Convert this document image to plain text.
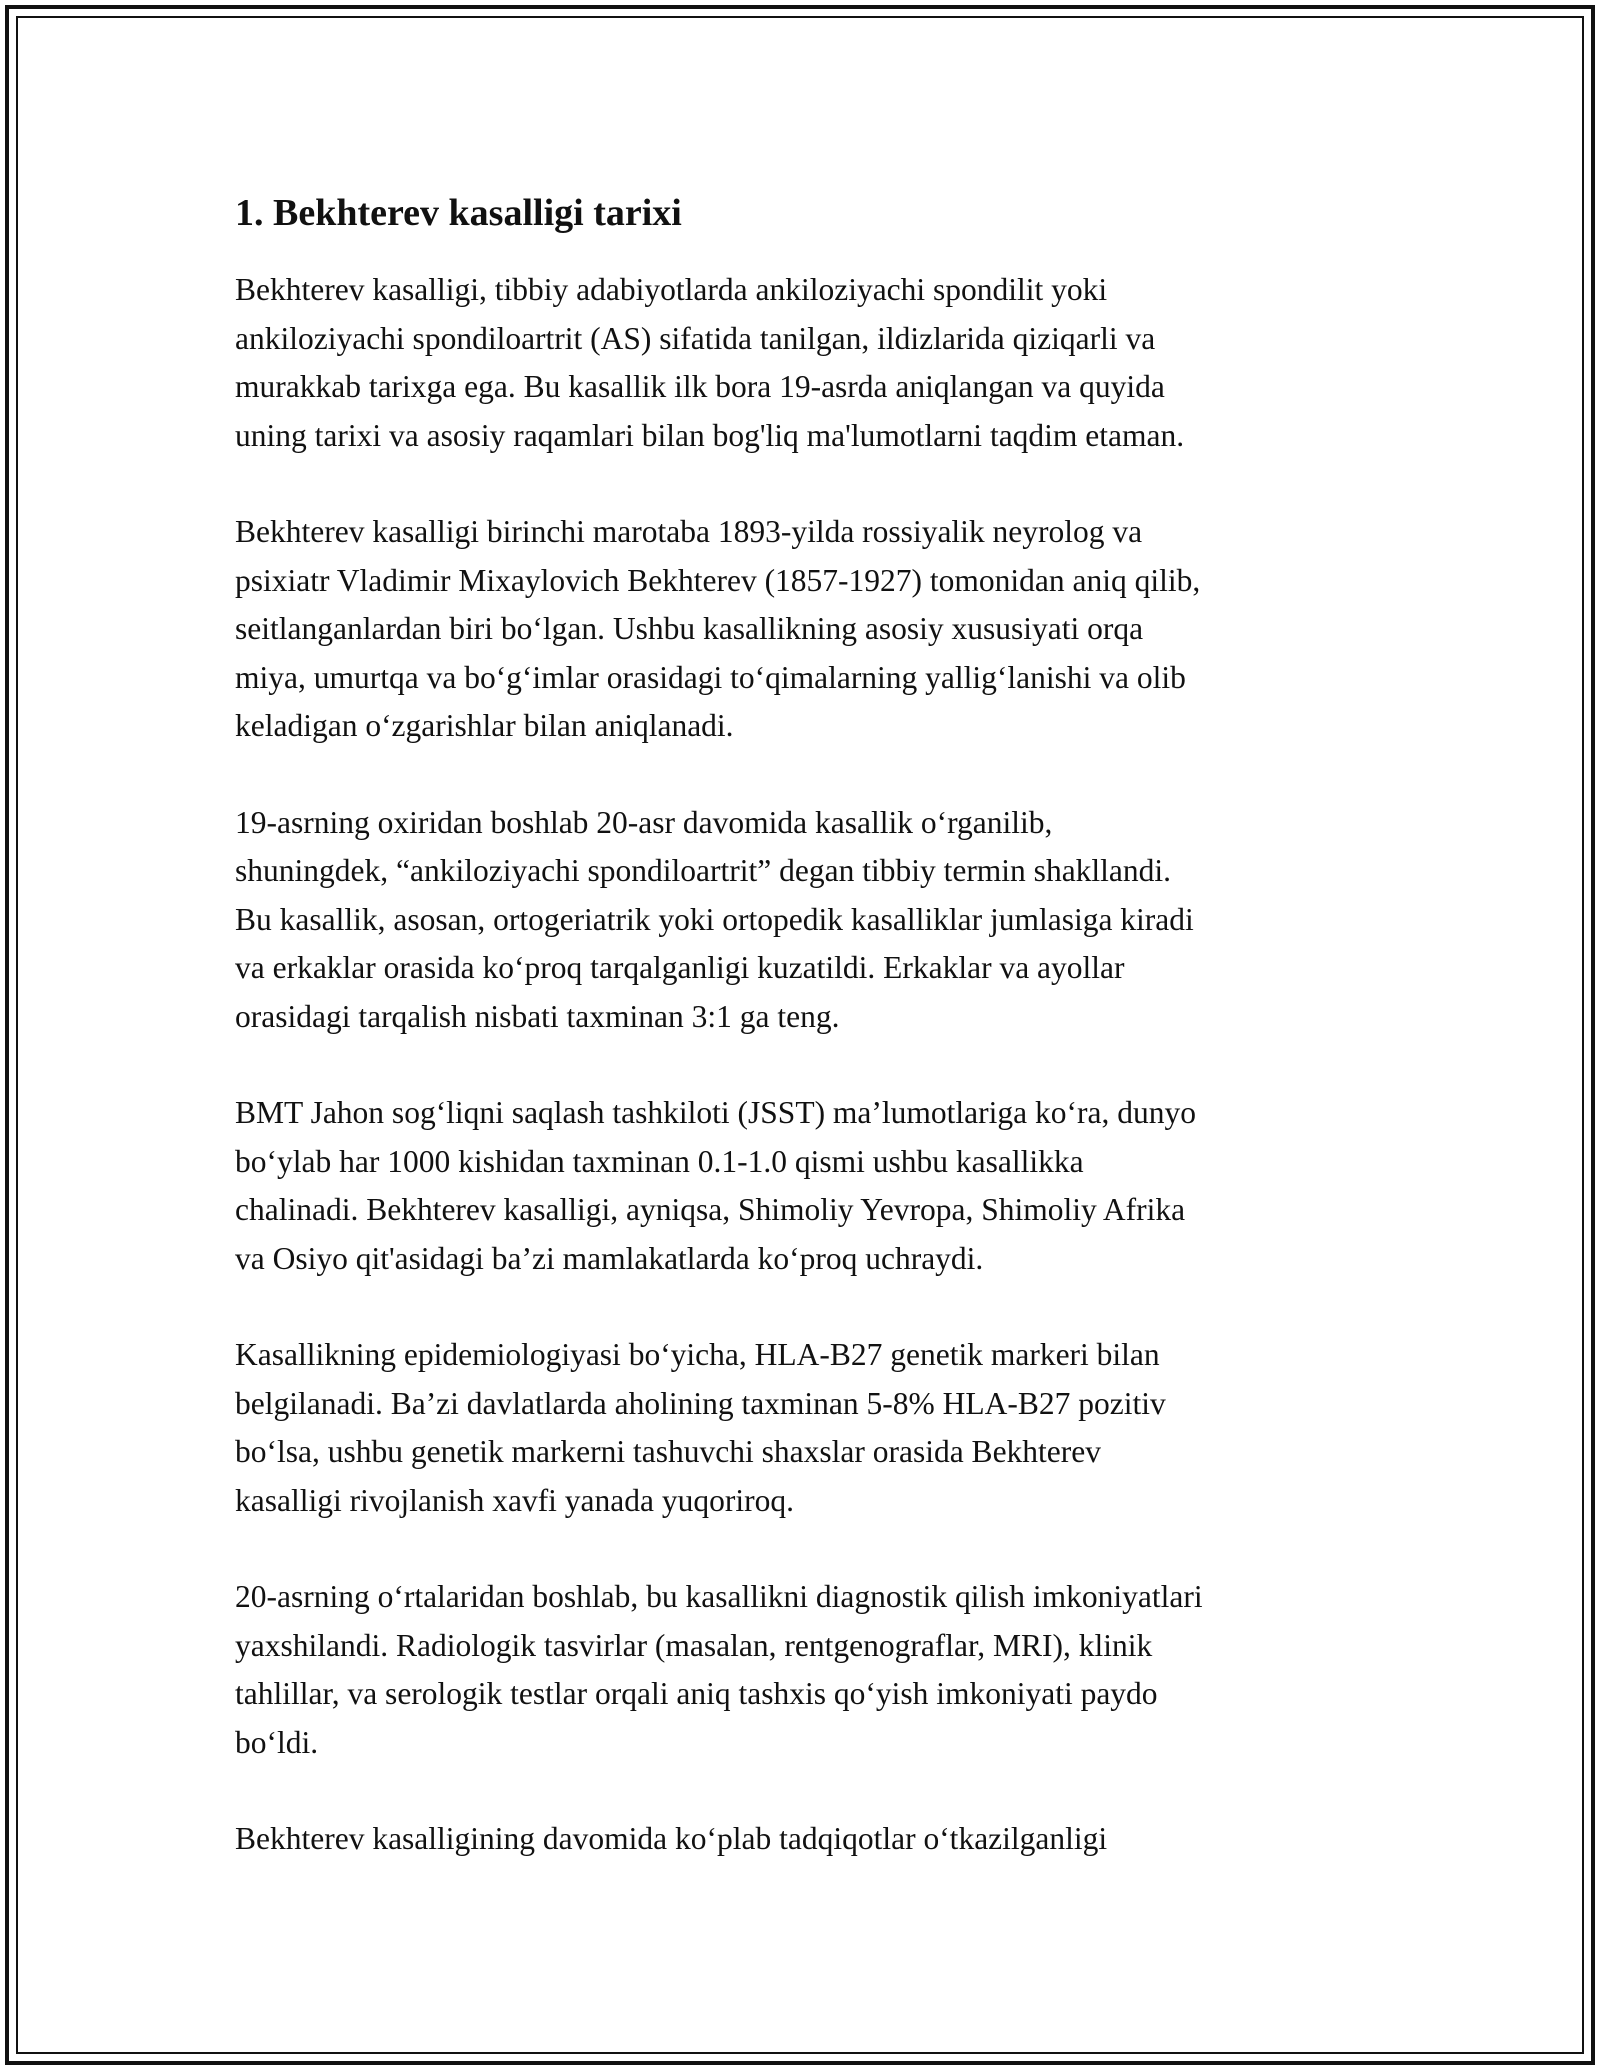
1. Bekhterev kasalligi tarixi

Bekhterev kasalligi, tibbiy adabiyotlarda ankiloziyachi spondilit yoki
ankiloziyachi spondiloartrit (AS) sifatida tanilgan, ildizlarida qiziqarli va
murakkab tarixga ega. Bu kasallik ilk bora 19-asrda aniqlangan va quyida
uning tarixi va asosiy raqamlari bilan bog'liq ma'lumotlarni taqdim etaman.

Bekhterev kasalligi birinchi marotaba 1893-yilda rossiyalik neyrolog va
psixiatr Vladimir Mixaylovich Bekhterev (1857-1927) tomonidan aniq qilib,
seitlanganlardan biri bo‘lgan. Ushbu kasallikning asosiy xususiyati orqa
miya, umurtqa va bo‘g‘imlar orasidagi to‘qimalarning yallig‘lanishi va olib
keladigan o‘zgarishlar bilan aniqlanadi.

19-asrning oxiridan boshlab 20-asr davomida kasallik o‘rganilib,
shuningdek, “ankiloziyachi spondiloartrit” degan tibbiy termin shakllandi.
Bu kasallik, asosan, ortogeriatrik yoki ortopedik kasalliklar jumlasiga kiradi
va erkaklar orasida ko‘proq tarqalganligi kuzatildi. Erkaklar va ayollar
orasidagi tarqalish nisbati taxminan 3:1 ga teng.

BMT Jahon sog‘liqni saqlash tashkiloti (JSST) ma’lumotlariga ko‘ra, dunyo
bo‘ylab har 1000 kishidan taxminan 0.1-1.0 qismi ushbu kasallikka
chalinadi. Bekhterev kasalligi, ayniqsa, Shimoliy Yevropa, Shimoliy Afrika
va Osiyo qit'asidagi ba’zi mamlakatlarda ko‘proq uchraydi.

Kasallikning epidemiologiyasi bo‘yicha, HLA-B27 genetik markeri bilan
belgilanadi. Ba’zi davlatlarda aholining taxminan 5-8% HLA-B27 pozitiv
bo‘lsa, ushbu genetik markerni tashuvchi shaxslar orasida Bekhterev
kasalligi rivojlanish xavfi yanada yuqoriroq.

20-asrning o‘rtalaridan boshlab, bu kasallikni diagnostik qilish imkoniyatlari
yaxshilandi. Radiologik tasvirlar (masalan, rentgenograflar, MRI), klinik
tahlillar, va serologik testlar orqali aniq tashxis qo‘yish imkoniyati paydo
bo‘ldi.

Bekhterev kasalligining davomida ko‘plab tadqiqotlar o‘tkazilganligi
